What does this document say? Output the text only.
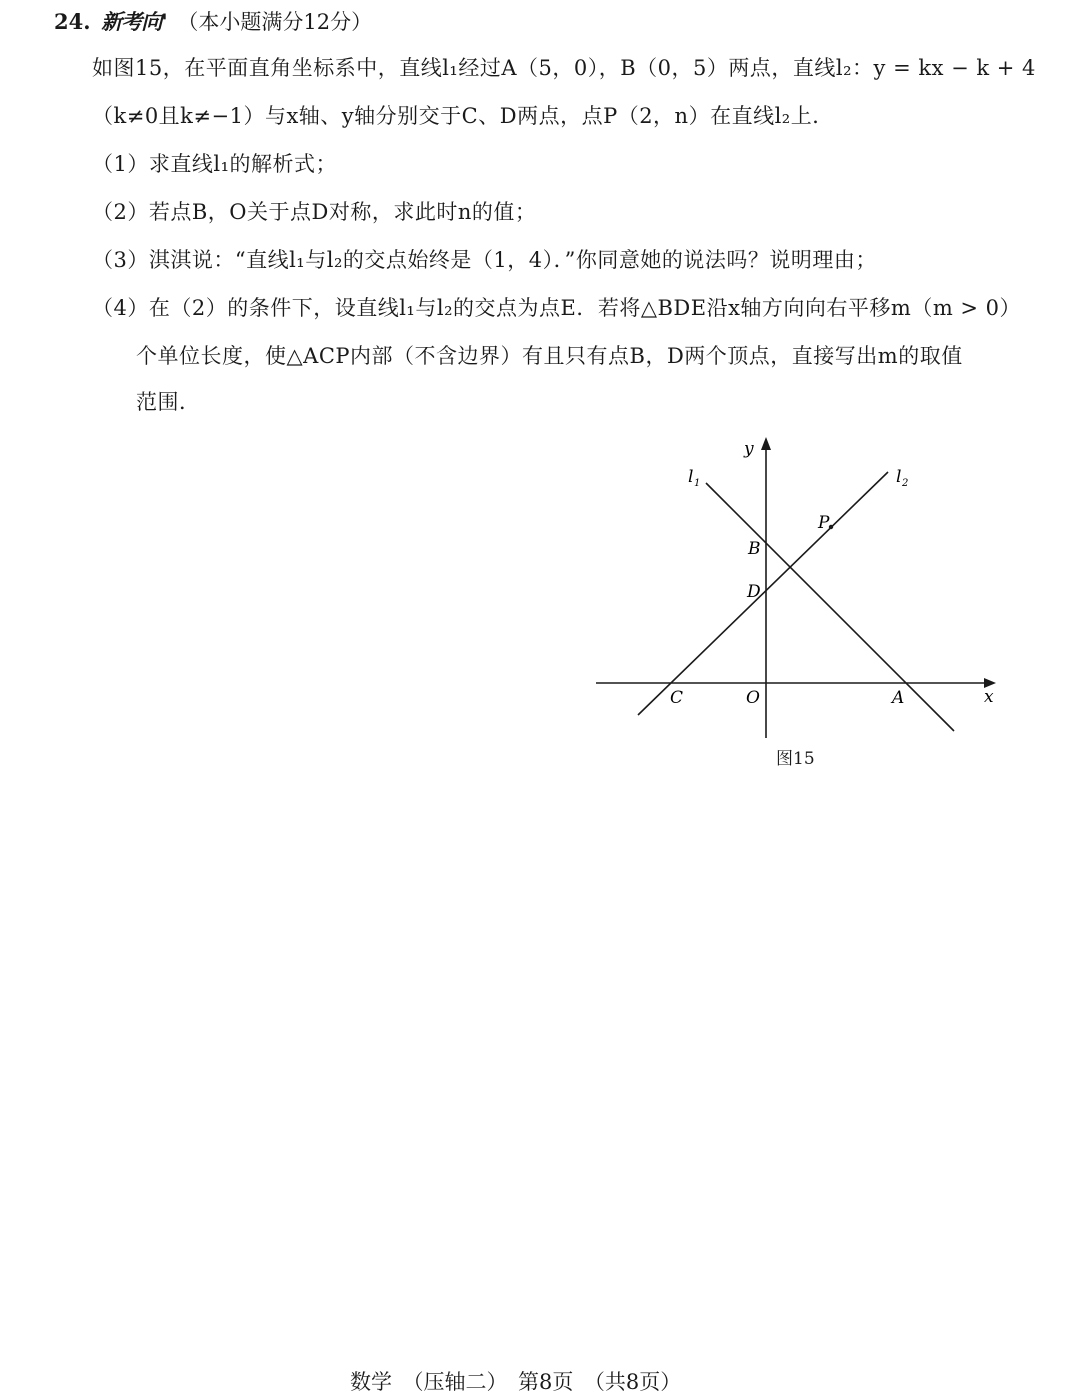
24. 新考向' （本小题满分12分）
如图15，在平面直角坐标系中，直线l₁经过A（5，0），B（0，5）两点，直线l₂：y = kx − k + 4
（k≠0且k≠−1）与x轴、y轴分别交于C、D两点，点P（2，n）在直线l₂上．
（1）求直线l₁的解析式；
（2）若点B，O关于点D对称，求此时n的值；
（3）淇淇说：“直线l₁与l₂的交点始终是（1，4）．”你同意她的说法吗？说明理由；
（4）在（2）的条件下，设直线l₁与l₂的交点为点E．若将△BDE沿x轴方向向右平移m（m > 0）
个单位长度，使△ACP内部（不含边界）有且只有点B，D两个顶点，直接写出m的取值
范围．
y
x
l 1	l 2
P
B
D
C	O	A
图15
数学　（压轴二）　第8页　（共8页）
